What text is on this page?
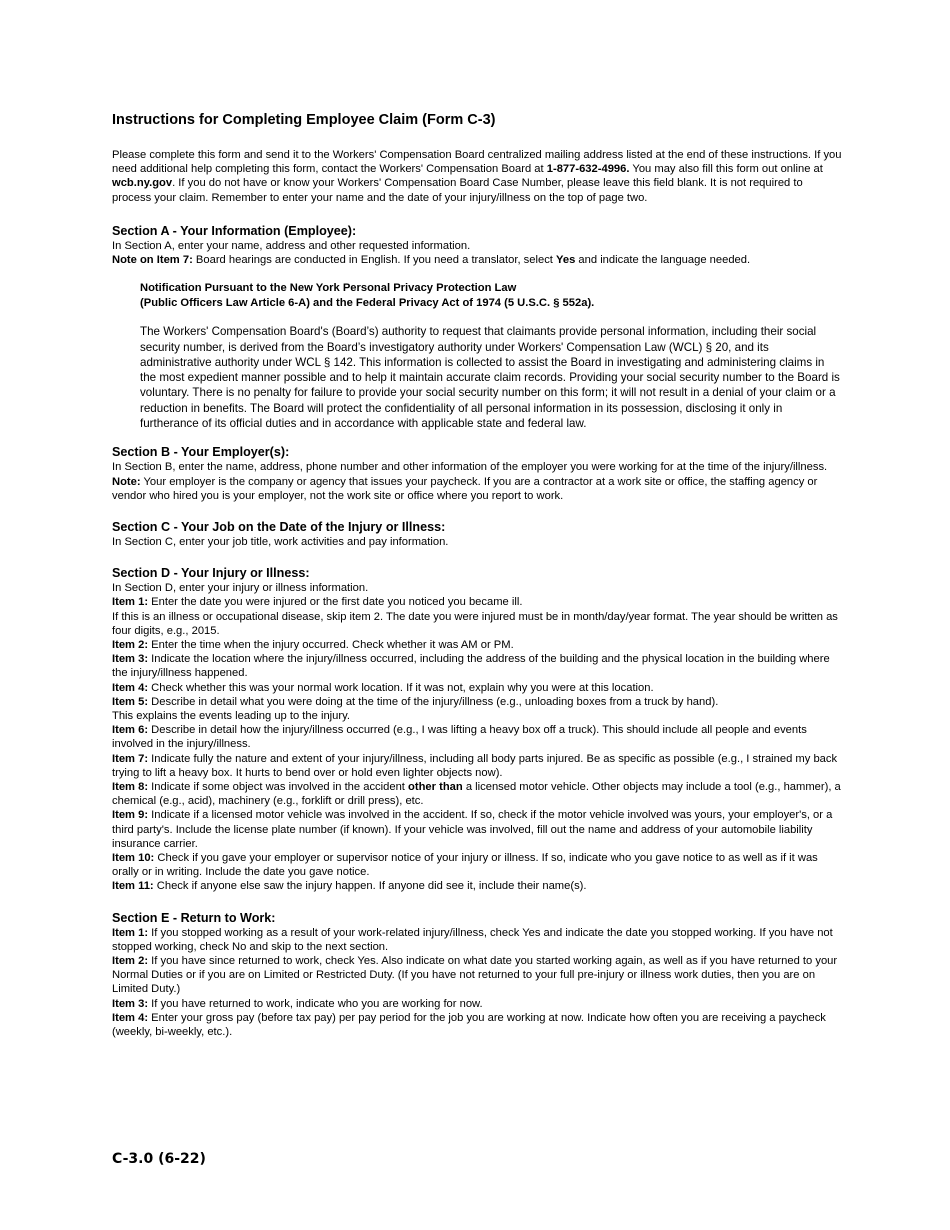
Instructions for Completing Employee Claim (Form C-3)

Please complete this form and send it to the Workers' Compensation Board centralized mailing address listed at the end of these instructions. If you need additional help completing this form, contact the Workers' Compensation Board at 1-877-632-4996. You may also fill this form out online at wcb.ny.gov. If you do not have or know your Workers' Compensation Board Case Number, please leave this field blank. It is not required to process your claim. Remember to enter your name and the date of your injury/illness on the top of page two.

Section A - Your Information (Employee):

In Section A, enter your name, address and other requested information.

Note on Item 7: Board hearings are conducted in English. If you need a translator, select Yes and indicate the language needed.

Notification Pursuant to the New York Personal Privacy Protection Law
(Public Officers Law Article 6-A) and the Federal Privacy Act of 1974 (5 U.S.C. § 552a).

The Workers' Compensation Board's (Board’s) authority to request that claimants provide personal information, including their social security number, is derived from the Board’s investigatory authority under Workers' Compensation Law (WCL) § 20, and its administrative authority under WCL § 142. This information is collected to assist the Board in investigating and administering claims in the most expedient manner possible and to help it maintain accurate claim records. Providing your social security number to the Board is voluntary. There is no penalty for failure to provide your social security number on this form; it will not result in a denial of your claim or a reduction in benefits. The Board will protect the confidentiality of all personal information in its possession, disclosing it only in furtherance of its official duties and in accordance with applicable state and federal law.

Section B - Your Employer(s):

In Section B, enter the name, address, phone number and other information of the employer you were working for at the time of the injury/illness.

Note: Your employer is the company or agency that issues your paycheck. If you are a contractor at a work site or office, the staffing agency or vendor who hired you is your employer, not the work site or office where you report to work.

Section C - Your Job on the Date of the Injury or Illness:

In Section C, enter your job title, work activities and pay information.

Section D - Your Injury or Illness:

In Section D, enter your injury or illness information.

Item 1: Enter the date you were injured or the first date you noticed you became ill.

If this is an illness or occupational disease, skip item 2. The date you were injured must be in month/day/year format. The year should be written as four digits, e.g., 2015.

Item 2: Enter the time when the injury occurred. Check whether it was AM or PM.

Item 3: Indicate the location where the injury/illness occurred, including the address of the building and the physical location in the building where the injury/illness happened.

Item 4: Check whether this was your normal work location. If it was not, explain why you were at this location.

Item 5: Describe in detail what you were doing at the time of the injury/illness (e.g., unloading boxes from a truck by hand).

This explains the events leading up to the injury.

Item 6: Describe in detail how the injury/illness occurred (e.g., I was lifting a heavy box off a truck). This should include all people and events involved in the injury/illness.

Item 7: Indicate fully the nature and extent of your injury/illness, including all body parts injured. Be as specific as possible (e.g., I strained my back trying to lift a heavy box. It hurts to bend over or hold even lighter objects now).

Item 8: Indicate if some object was involved in the accident other than a licensed motor vehicle. Other objects may include a tool (e.g., hammer), a chemical (e.g., acid), machinery (e.g., forklift or drill press), etc.

Item 9: Indicate if a licensed motor vehicle was involved in the accident. If so, check if the motor vehicle involved was yours, your employer's, or a third party's. Include the license plate number (if known). If your vehicle was involved, fill out the name and address of your automobile liability insurance carrier.

Item 10: Check if you gave your employer or supervisor notice of your injury or illness. If so, indicate who you gave notice to as well as if it was orally or in writing. Include the date you gave notice.

Item 11: Check if anyone else saw the injury happen. If anyone did see it, include their name(s).

Section E - Return to Work:

Item 1: If you stopped working as a result of your work-related injury/illness, check Yes and indicate the date you stopped working. If you have not stopped working, check No and skip to the next section.

Item 2: If you have since returned to work, check Yes. Also indicate on what date you started working again, as well as if you have returned to your Normal Duties or if you are on Limited or Restricted Duty. (If you have not returned to your full pre-injury or illness work duties, then you are on Limited Duty.)

Item 3: If you have returned to work, indicate who you are working for now.

Item 4: Enter your gross pay (before tax pay) per pay period for the job you are working at now. Indicate how often you are receiving a paycheck (weekly, bi-weekly, etc.).

C-3.0 (6-22)
